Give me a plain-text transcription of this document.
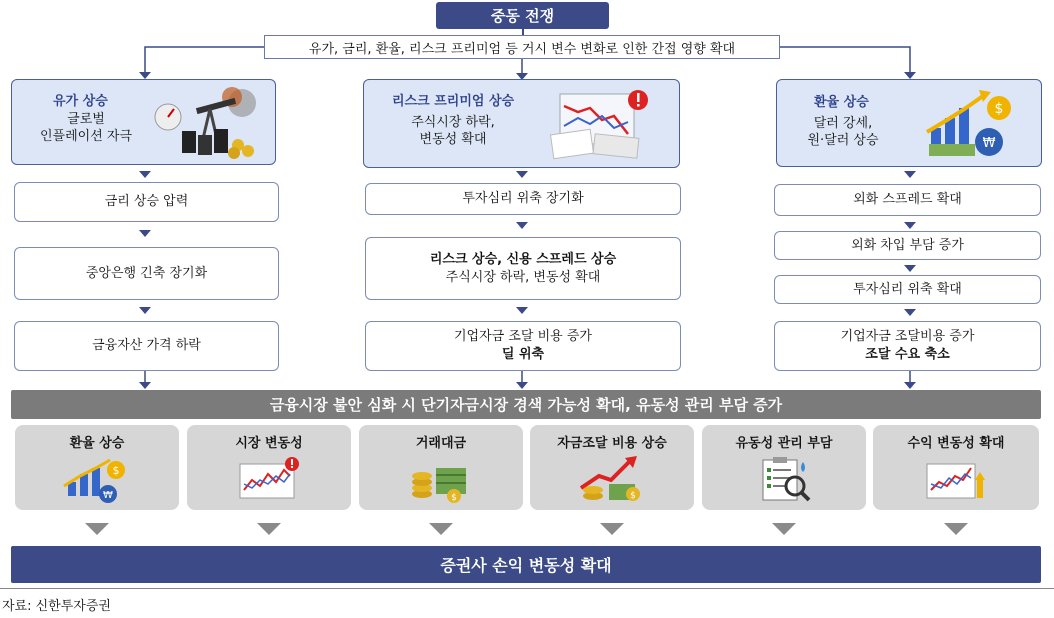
중동 전쟁
유가, 금리, 환율, 리스크 프리미엄 등 거시 변수 변화로 인한 간접 영향 확대
유가 상승
글로벌
인플레이션 자극
금리 상승 압력
중앙은행 긴축 장기화
금융자산 가격 하락
리스크 프리미엄 상승
주식시장 하락,
변동성 확대
투자심리 위축 장기화
리스크 상승, 신용 스프레드 상승
주식시장 하락, 변동성 확대
기업자금 조달 비용 증가
딜 위축
환율 상승
달러 강세,
원·달러 상승
$
₩
외화 스프레드 확대
외화 차입 부담 증가
투자심리 위축 확대
기업자금 조달비용 증가
조달 수요 축소
금융시장 불안 심화 시 단기자금시장 경색 가능성 확대, 유동성 관리 부담 증가
환율 상승
$
₩
시장 변동성	거래대금
$
자금조달 비용 상승
$
유동성 관리 부담	수익 변동성 확대
증권사 손익 변동성 확대
자료: 신한투자증권
